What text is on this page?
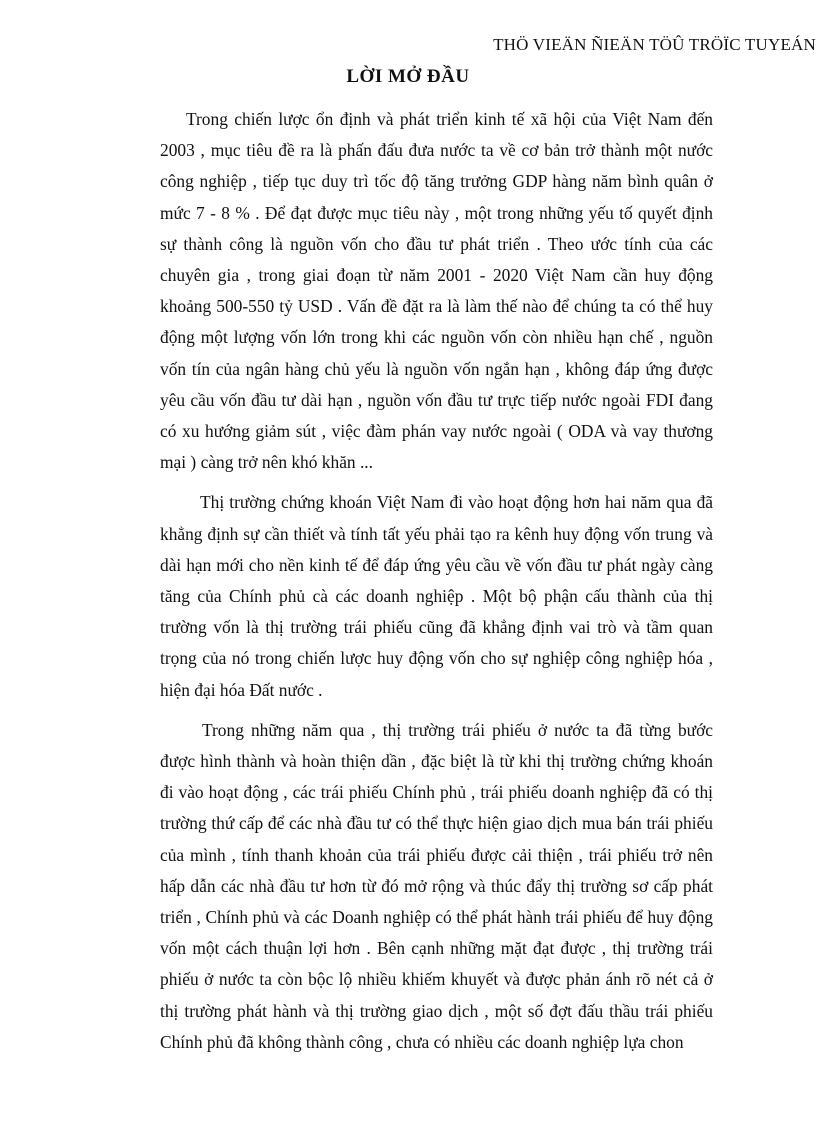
THÖ VIEÄN ÑIEÄN TÖÛ TRÖÏC TUYEÁN
LỜI MỞ ĐẦU

Trong chiến lược ổn định và phát triển kinh tế xã hội của Việt Nam đến 2003 , mục tiêu đề ra là phấn đấu đưa nước ta về cơ bản trở thành một nước công nghiệp , tiếp tục duy trì tốc độ tăng trưởng GDP hàng năm bình quân ở mức 7 - 8 % . Để đạt được mục tiêu này , một trong những yếu tố quyết định sự thành công là nguồn vốn cho đầu tư phát triển . Theo ước tính của các chuyên gia , trong giai đoạn từ năm 2001 - 2020 Việt Nam cần huy động khoảng 500-550 tỷ USD . Vấn đề đặt ra là làm thế nào để chúng ta có thể huy động một lượng vốn lớn trong khi các nguồn vốn còn nhiều hạn chế , nguồn vốn tín của ngân hàng chủ yếu là nguồn vốn ngắn hạn , không đáp ứng được yêu cầu vốn đầu tư dài hạn , nguồn vốn đầu tư trực tiếp nước ngoài FDI đang có xu hướng giảm sút , việc đàm phán vay nước ngoài ( ODA và vay thương mại ) càng trở nên khó khăn ...

Thị trường chứng khoán Việt Nam đi vào hoạt động hơn hai năm qua đã khẳng định sự cần thiết và tính tất yếu phải tạo ra kênh huy động vốn trung và dài hạn mới cho nền kinh tế để đáp ứng yêu cầu về vốn đầu tư phát ngày càng tăng của Chính phủ cà các doanh nghiệp . Một bộ phận cấu thành của thị trường vốn là thị trường trái phiếu cũng đã khẳng định vai trò và tầm quan trọng của nó trong chiến lược huy động vốn cho sự nghiệp công nghiệp hóa , hiện đại hóa Đất nước .

Trong những năm qua , thị trường trái phiếu ở nước ta đã từng bước được hình thành và hoàn thiện dần , đặc biệt là từ khi thị trường chứng khoán đi vào hoạt động , các trái phiếu Chính phủ , trái phiếu doanh nghiệp đã có thị trường thứ cấp để các nhà đầu tư có thể thực hiện giao dịch mua bán trái phiếu của mình , tính thanh khoản của trái phiếu được cải thiện , trái phiếu trở nên hấp dẫn các nhà đầu tư hơn từ đó mở rộng và thúc đẩy thị trường sơ cấp phát triển , Chính phủ và các Doanh nghiệp có thể phát hành trái phiếu để huy động vốn một cách thuận lợi hơn . Bên cạnh những mặt đạt được , thị trường trái phiếu ở nước ta còn bộc lộ nhiều khiếm khuyết và được phản ánh rõ nét cả ở thị trường phát hành và thị trường giao dịch , một số đợt đấu thầu trái phiếu Chính phủ đã không thành công , chưa có nhiều các doanh nghiệp lựa chon
